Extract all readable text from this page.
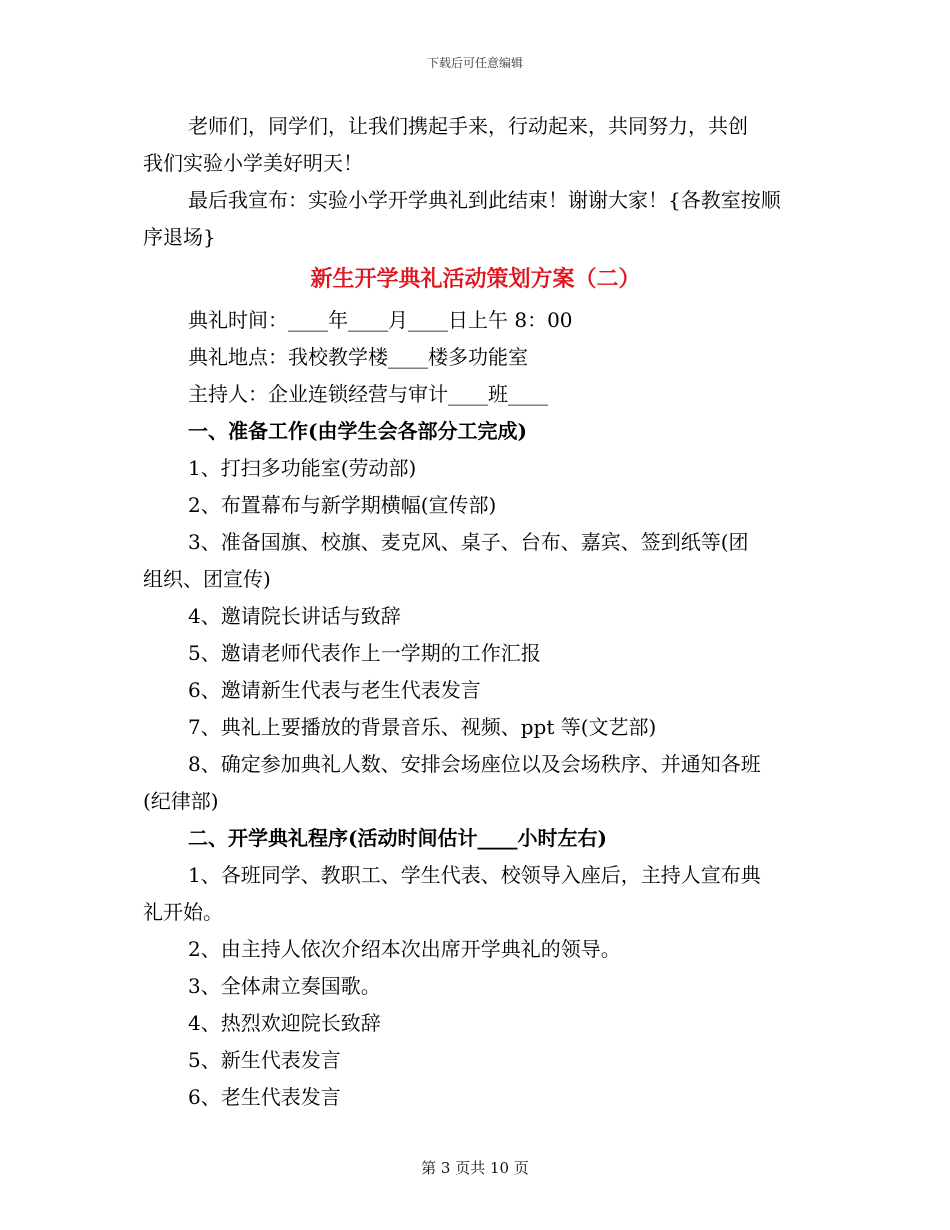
下载后可任意编辑
老师们，同学们，让我们携起手来，行动起来，共同努力，共创
我们实验小学美好明天！
最后我宣布：实验小学开学典礼到此结束！谢谢大家！{各教室按顺
序退场}
新生开学典礼活动策划方案（二）
典礼时间：____年____月____日上午 8：00
典礼地点：我校教学楼____楼多功能室
主持人：企业连锁经营与审计____班____
一、准备工作(由学生会各部分工完成)
1、打扫多功能室(劳动部)
2、布置幕布与新学期横幅(宣传部)
3、准备国旗、校旗、麦克风、桌子、台布、嘉宾、签到纸等(团
组织、团宣传)
4、邀请院长讲话与致辞
5、邀请老师代表作上一学期的工作汇报
6、邀请新生代表与老生代表发言
7、典礼上要播放的背景音乐、视频、ppt 等(文艺部)
8、确定参加典礼人数、安排会场座位以及会场秩序、并通知各班
(纪律部)
二、开学典礼程序(活动时间估计____小时左右)
1、各班同学、教职工、学生代表、校领导入座后，主持人宣布典
礼开始。
2、由主持人依次介绍本次出席开学典礼的领导。
3、全体肃立奏国歌。
4、热烈欢迎院长致辞
5、新生代表发言
6、老生代表发言
第 3 页共 10 页
